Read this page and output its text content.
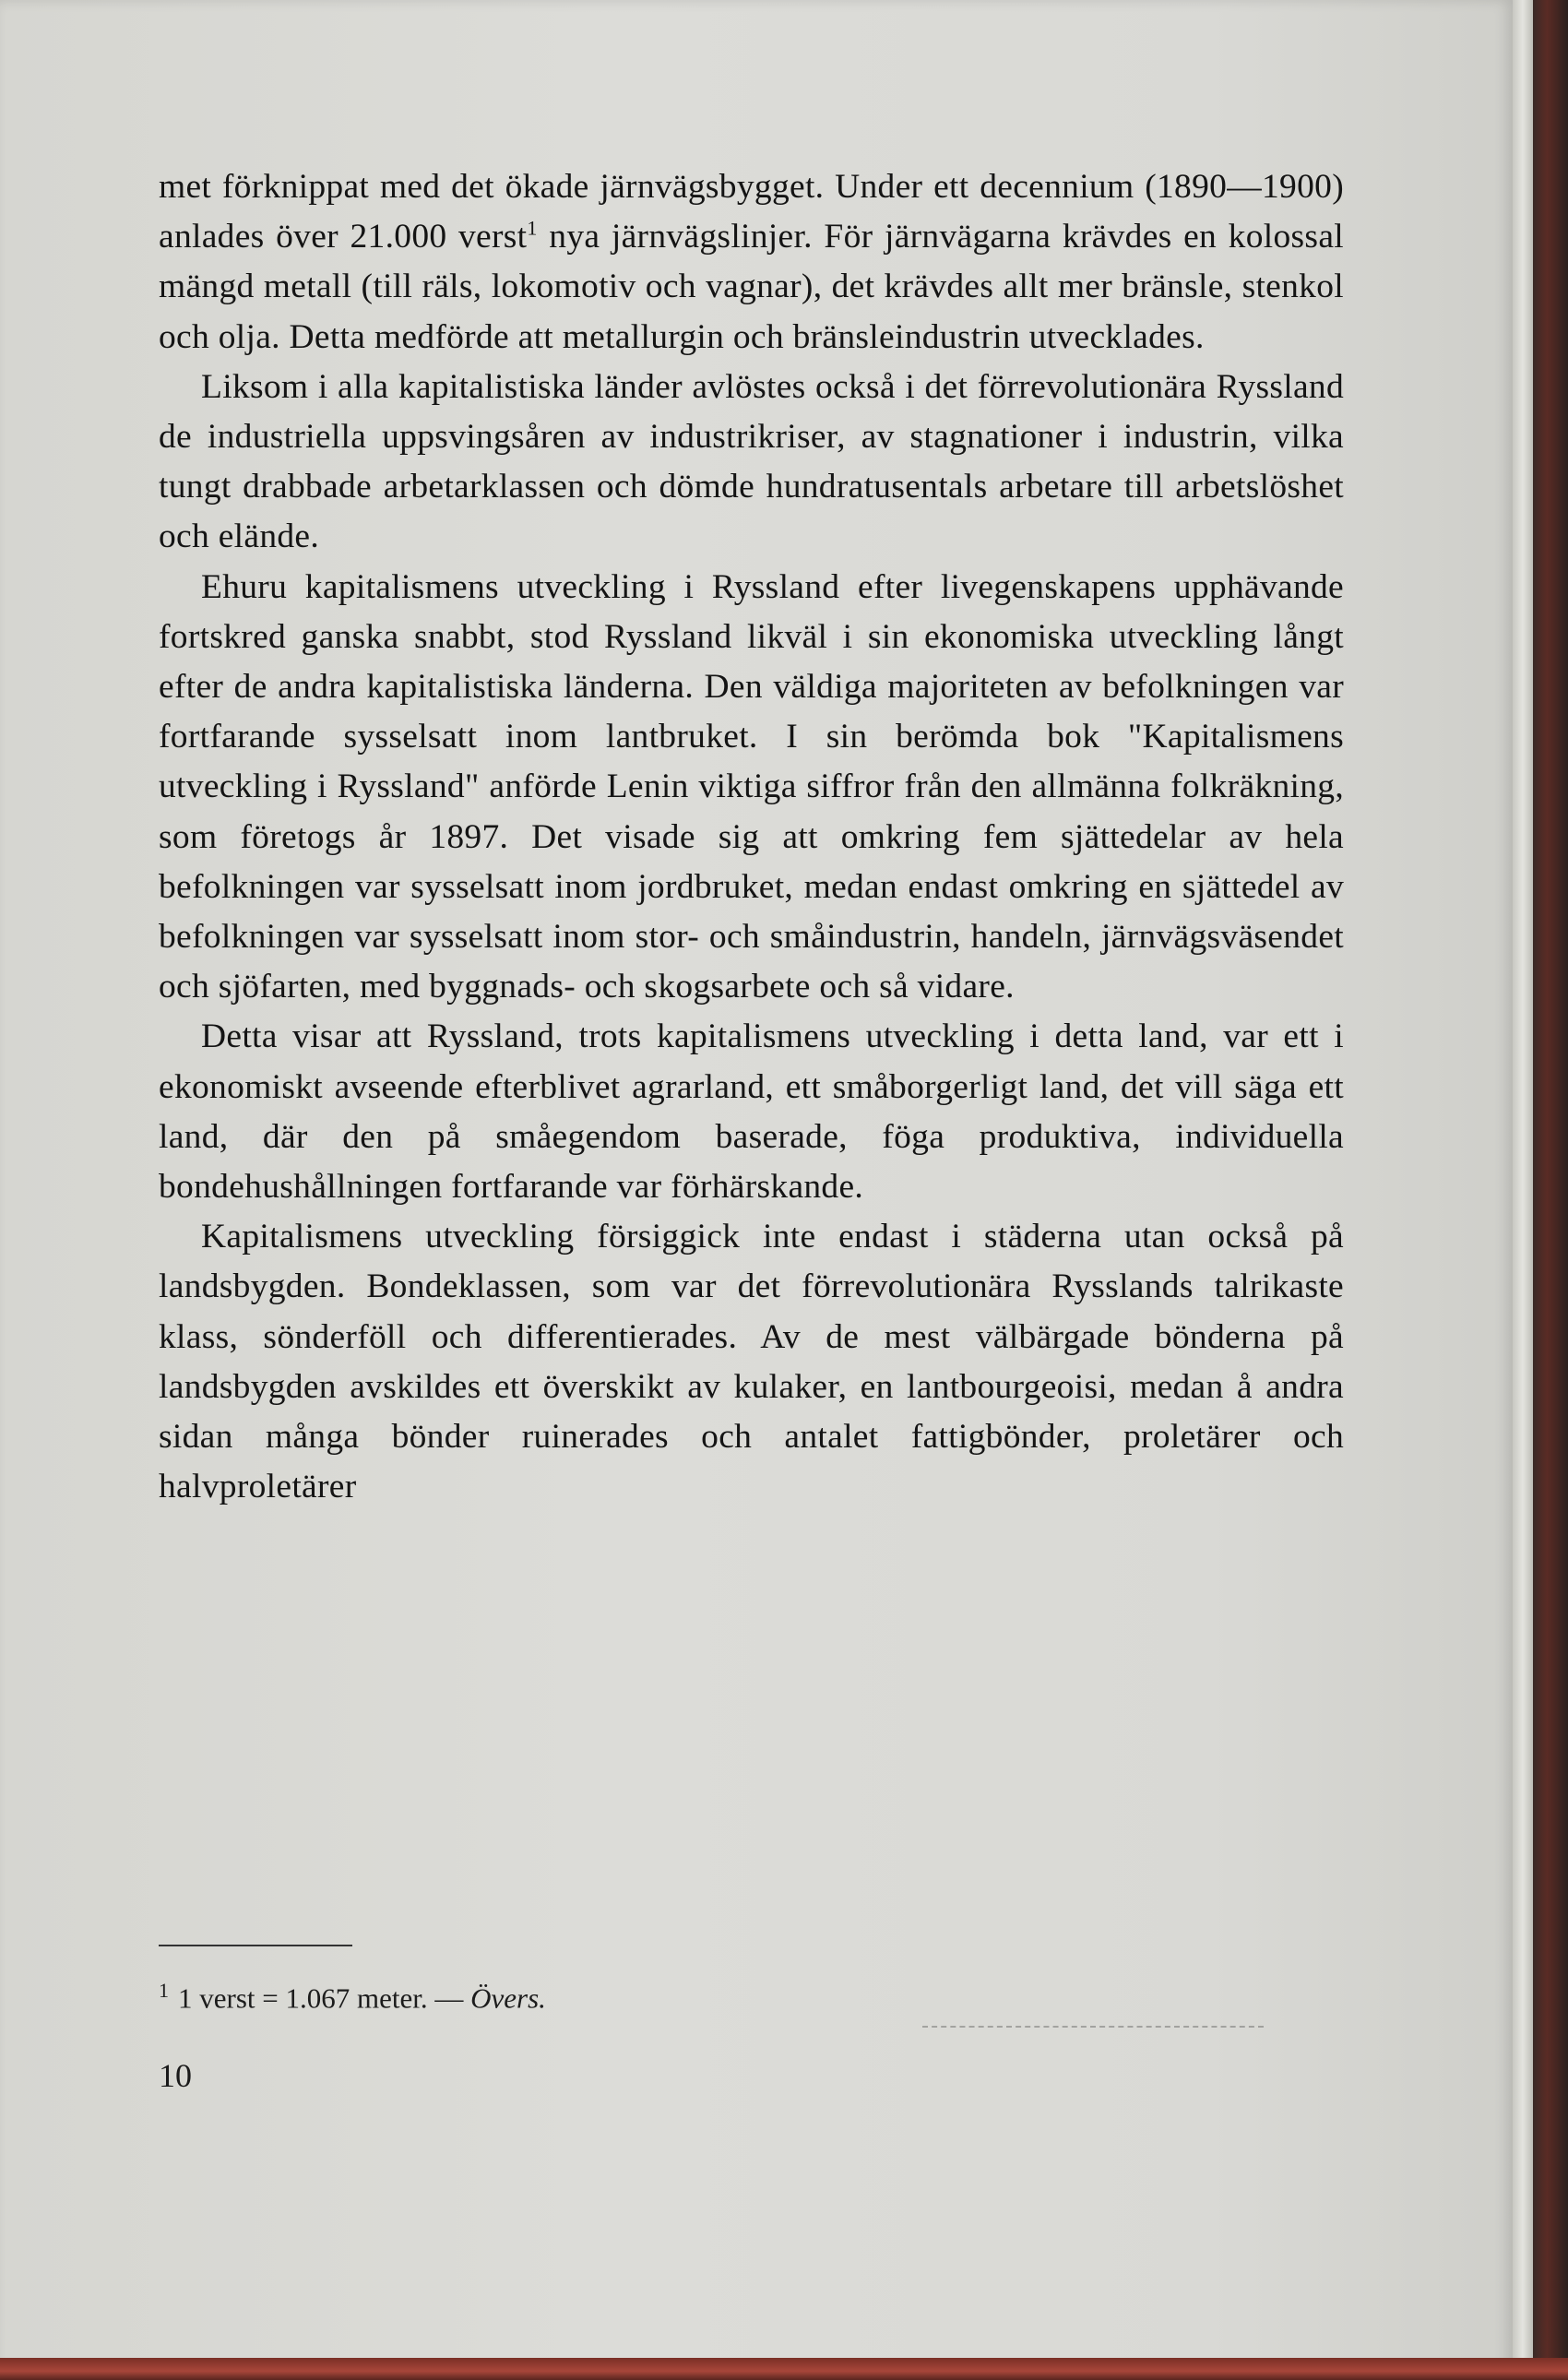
met förknippat med det ökade järnvägsbygget. Under ett decennium (1890—1900) anlades över 21.000 verst$^1$ nya järnvägslinjer. För järnvägarna krävdes en kolossal mängd metall (till räls, lokomotiv och vagnar), det krävdes allt mer bränsle, stenkol och olja. Detta medförde att metallurgin och bränsleindustrin utvecklades.

Liksom i alla kapitalistiska länder avlöstes också i det förrevolutionära Ryssland de industriella uppsvingsåren av industrikriser, av stagnationer i industrin, vilka tungt drabbade arbetarklassen och dömde hundratusentals arbetare till arbetslöshet och elände.

Ehuru kapitalismens utveckling i Ryssland efter livegenskapens upphävande fortskred ganska snabbt, stod Ryssland likväl i sin ekonomiska utveckling långt efter de andra kapitalistiska länderna. Den väldiga majoriteten av befolkningen var fortfarande sysselsatt inom lantbruket. I sin berömda bok "Kapitalismens utveckling i Ryssland" anförde Lenin viktiga siffror från den allmänna folkräkning, som företogs år 1897. Det visade sig att omkring fem sjättedelar av hela befolkningen var sysselsatt inom jordbruket, medan endast omkring en sjättedel av befolkningen var sysselsatt inom stor- och småindustrin, handeln, järnvägsväsendet och sjöfarten, med byggnads- och skogsarbete och så vidare.

Detta visar att Ryssland, trots kapitalismens utveckling i detta land, var ett i ekonomiskt avseende efterblivet agrarland, ett småborgerligt land, det vill säga ett land, där den på småegendom baserade, föga produktiva, individuella bondehushållningen fortfarande var förhärskande.

Kapitalismens utveckling försiggick inte endast i städerna utan också på landsbygden. Bondeklassen, som var det förrevolutionära Rysslands talrikaste klass, sönderföll och differentierades. Av de mest välbärgade bönderna på landsbygden avskildes ett överskikt av kulaker, en lantbourgeoisi, medan å andra sidan många bönder ruinerades och antalet fattigbönder, proletärer och halvproletärer

$^1$ 1 verst = 1.067 meter. — Övers.
10
